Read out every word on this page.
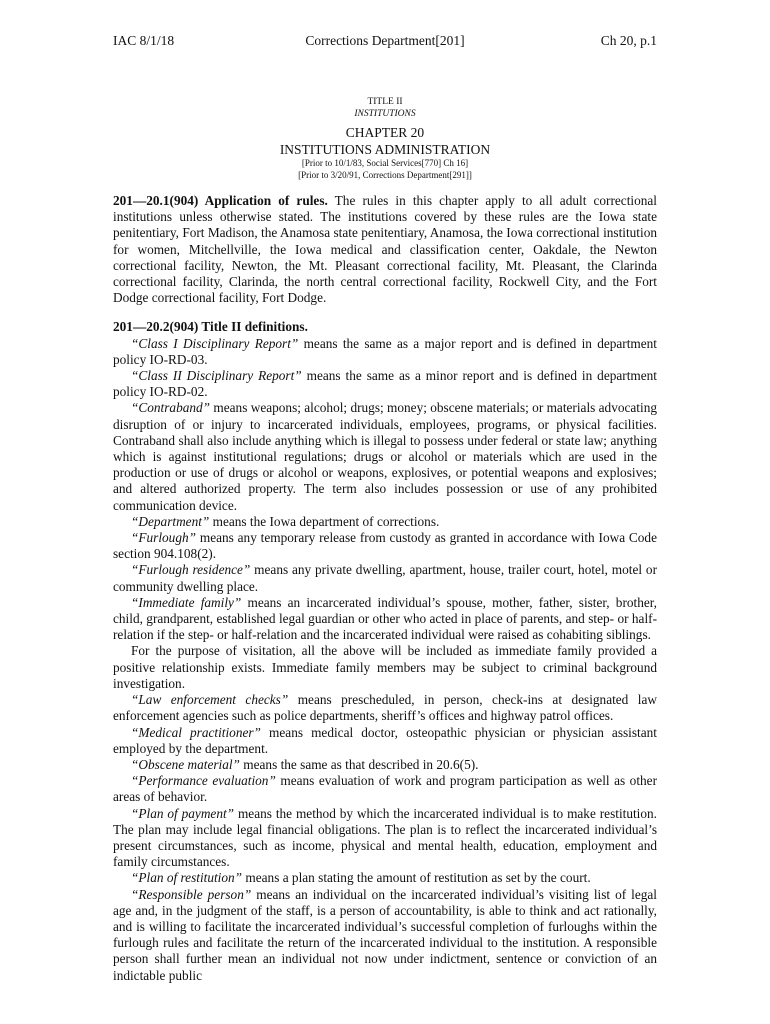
IAC 8/1/18	Corrections Department[201]	Ch 20, p.1
TITLE II
INSTITUTIONS
CHAPTER 20
INSTITUTIONS ADMINISTRATION
[Prior to 10/1/83, Social Services[770] Ch 16]
[Prior to 3/20/91, Corrections Department[291]]

201—20.1(904) Application of rules. The rules in this chapter apply to all adult correctional institutions unless otherwise stated. The institutions covered by these rules are the Iowa state penitentiary, Fort Madison, the Anamosa state penitentiary, Anamosa, the Iowa correctional institution for women, Mitchellville, the Iowa medical and classification center, Oakdale, the Newton correctional facility, Newton, the Mt. Pleasant correctional facility, Mt. Pleasant, the Clarinda correctional facility, Clarinda, the north central correctional facility, Rockwell City, and the Fort Dodge correctional facility, Fort Dodge.

201—20.2(904) Title II definitions.

“Class I Disciplinary Report” means the same as a major report and is defined in department policy IO-RD-03.

“Class II Disciplinary Report” means the same as a minor report and is defined in department policy IO-RD-02.

“Contraband” means weapons; alcohol; drugs; money; obscene materials; or materials advocating disruption of or injury to incarcerated individuals, employees, programs, or physical facilities. Contraband shall also include anything which is illegal to possess under federal or state law; anything which is against institutional regulations; drugs or alcohol or materials which are used in the production or use of drugs or alcohol or weapons, explosives, or potential weapons and explosives; and altered authorized property. The term also includes possession or use of any prohibited communication device.

“Department” means the Iowa department of corrections.

“Furlough” means any temporary release from custody as granted in accordance with Iowa Code section 904.108(2).

“Furlough residence” means any private dwelling, apartment, house, trailer court, hotel, motel or community dwelling place.

“Immediate family” means an incarcerated individual’s spouse, mother, father, sister, brother, child, grandparent, established legal guardian or other who acted in place of parents, and step- or half-relation if the step- or half-relation and the incarcerated individual were raised as cohabiting siblings.

For the purpose of visitation, all the above will be included as immediate family provided a positive relationship exists. Immediate family members may be subject to criminal background investigation.

“Law enforcement checks” means prescheduled, in person, check-ins at designated law enforcement agencies such as police departments, sheriff’s offices and highway patrol offices.

“Medical practitioner” means medical doctor, osteopathic physician or physician assistant employed by the department.

“Obscene material” means the same as that described in 20.6(5).

“Performance evaluation” means evaluation of work and program participation as well as other areas of behavior.

“Plan of payment” means the method by which the incarcerated individual is to make restitution. The plan may include legal financial obligations. The plan is to reflect the incarcerated individual’s present circumstances, such as income, physical and mental health, education, employment and family circumstances.

“Plan of restitution” means a plan stating the amount of restitution as set by the court.

“Responsible person” means an individual on the incarcerated individual’s visiting list of legal age and, in the judgment of the staff, is a person of accountability, is able to think and act rationally, and is willing to facilitate the incarcerated individual’s successful completion of furloughs within the furlough rules and facilitate the return of the incarcerated individual to the institution. A responsible person shall further mean an individual not now under indictment, sentence or conviction of an indictable public
